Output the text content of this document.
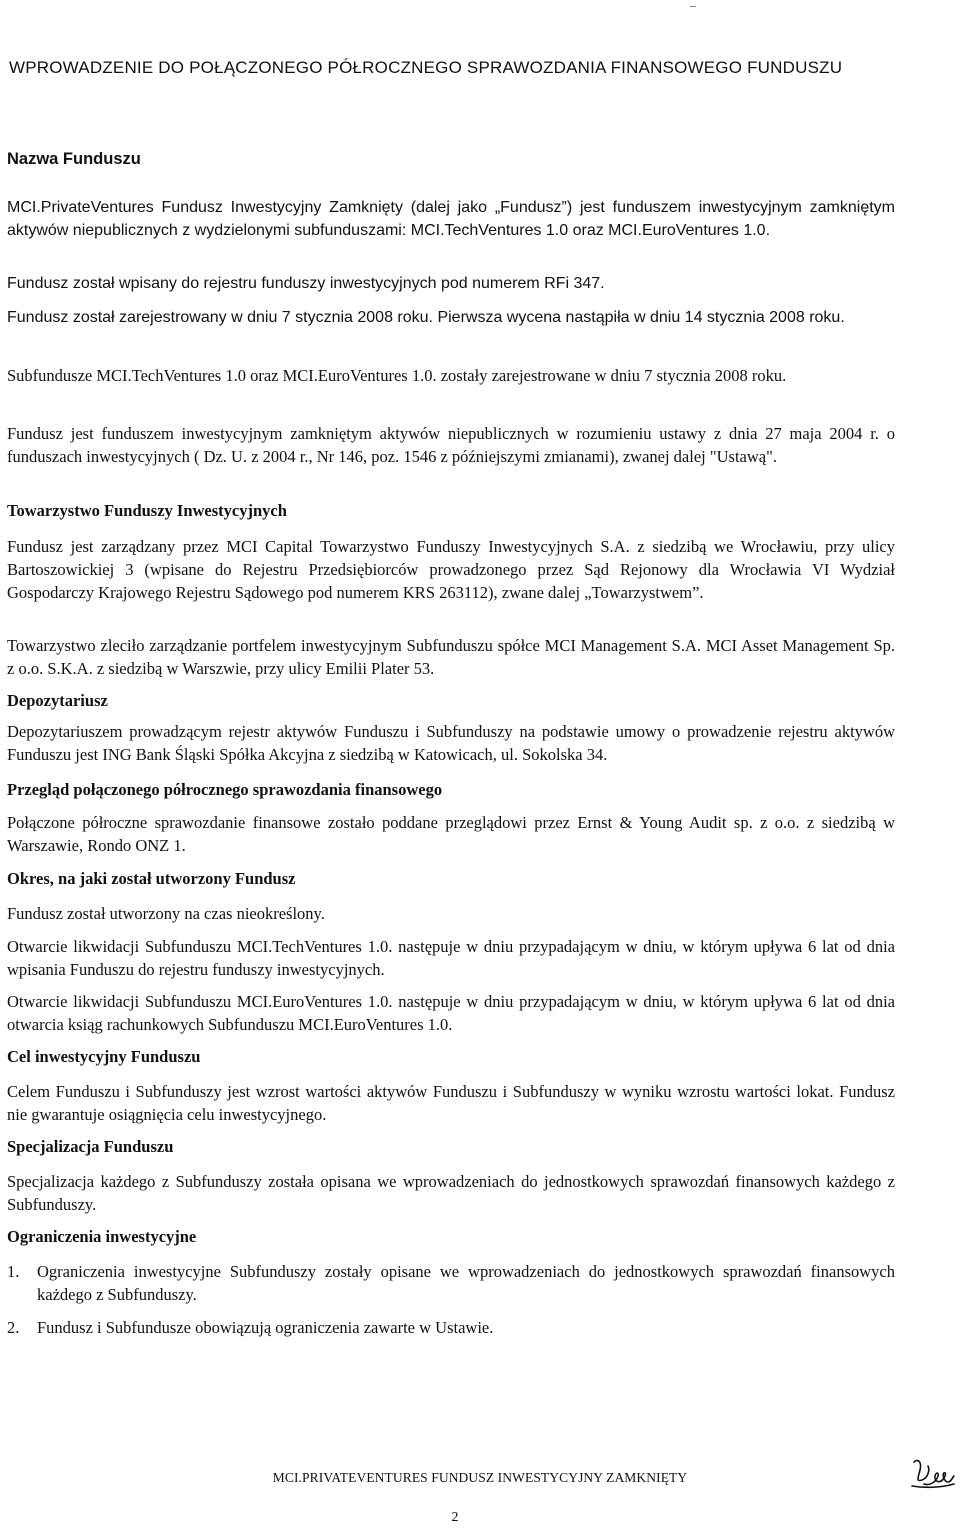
WPROWADZENIE DO POŁĄCZONEGO PÓŁROCZNEGO SPRAWOZDANIA FINANSOWEGO FUNDUSZU
Nazwa Funduszu

MCI.PrivateVentures Fundusz Inwestycyjny Zamknięty (dalej jako „Fundusz”) jest funduszem inwestycyjnym zamkniętym aktywów niepublicznych z wydzielonymi subfunduszami: MCI.TechVentures 1.0 oraz MCI.EuroVentures 1.0.

Fundusz został wpisany do rejestru funduszy inwestycyjnych pod numerem RFi 347.

Fundusz został zarejestrowany w dniu 7 stycznia 2008 roku. Pierwsza wycena nastąpiła w dniu 14 stycznia 2008 roku.

Subfundusze MCI.TechVentures 1.0 oraz MCI.EuroVentures 1.0. zostały zarejestrowane w dniu 7 stycznia 2008 roku.

Fundusz jest funduszem inwestycyjnym zamkniętym aktywów niepublicznych w rozumieniu ustawy z dnia 27 maja 2004 r. o funduszach inwestycyjnych ( Dz. U. z 2004 r., Nr 146, poz. 1546 z późniejszymi zmianami), zwanej dalej "Ustawą".

Towarzystwo Funduszy Inwestycyjnych

Fundusz jest zarządzany przez MCI Capital Towarzystwo Funduszy Inwestycyjnych S.A. z siedzibą we Wrocławiu, przy ulicy Bartoszowickiej 3 (wpisane do Rejestru Przedsiębiorców prowadzonego przez Sąd Rejonowy dla Wrocławia VI Wydział Gospodarczy Krajowego Rejestru Sądowego pod numerem KRS 263112), zwane dalej „Towarzystwem”.

Towarzystwo zleciło zarządzanie portfelem inwestycyjnym Subfunduszu spółce MCI Management S.A. MCI Asset Management Sp. z o.o. S.K.A. z siedzibą w Warszwie, przy ulicy Emilii Plater 53.

Depozytariusz

Depozytariuszem prowadzącym rejestr aktywów Funduszu i Subfunduszy na podstawie umowy o prowadzenie rejestru aktywów Funduszu jest ING Bank Śląski Spółka Akcyjna z siedzibą w Katowicach, ul. Sokolska 34.

Przegląd połączonego półrocznego sprawozdania finansowego

Połączone półroczne sprawozdanie finansowe zostało poddane przeglądowi przez Ernst & Young Audit sp. z o.o. z siedzibą w Warszawie, Rondo ONZ 1.

Okres, na jaki został utworzony Fundusz

Fundusz został utworzony na czas nieokreślony.

Otwarcie likwidacji Subfunduszu MCI.TechVentures 1.0. następuje w dniu przypadającym w dniu, w którym upływa 6 lat od dnia wpisania Funduszu do rejestru funduszy inwestycyjnych.

Otwarcie likwidacji Subfunduszu MCI.EuroVentures 1.0. następuje w dniu przypadającym w dniu, w którym upływa 6 lat od dnia otwarcia ksiąg rachunkowych Subfunduszu MCI.EuroVentures 1.0.

Cel inwestycyjny Funduszu

Celem Funduszu i Subfunduszy jest wzrost wartości aktywów Funduszu i Subfunduszy w wyniku wzrostu wartości lokat. Fundusz nie gwarantuje osiągnięcia celu inwestycyjnego.

Specjalizacja Funduszu

Specjalizacja każdego z Subfunduszy została opisana we wprowadzeniach do jednostkowych sprawozdań finansowych każdego z Subfunduszy.

Ograniczenia inwestycyjne
1.	Ograniczenia inwestycyjne Subfunduszy zostały opisane we wprowadzeniach do jednostkowych sprawozdań finansowych każdego z Subfunduszy.
2.	Fundusz i Subfundusze obowiązują ograniczenia zawarte w Ustawie.
MCI.PRIVATEVENTURES FUNDUSZ INWESTYCYJNY ZAMKNIĘTY
2
